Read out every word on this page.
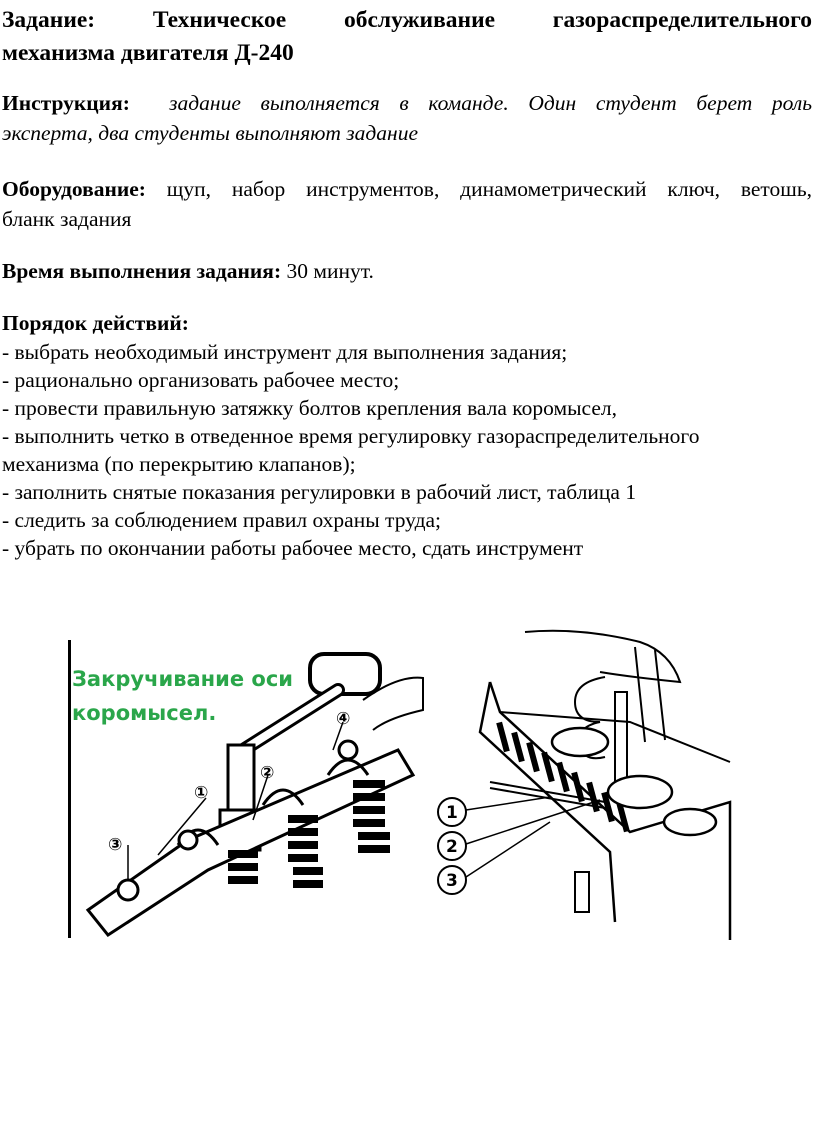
Задание: Техническое обслуживание газораспределительного
механизма двигателя Д-240
Инструкция: задание выполняется в команде. Один студент берет роль
эксперта, два студенты выполняют задание
Оборудование: щуп, набор инструментов, динамометрический ключ, ветошь,
бланк задания
Время выполнения задания: 30 минут.
Порядок действий:
- выбрать необходимый инструмент для выполнения задания;
- рационально организовать рабочее место;
- провести правильную затяжку болтов крепления вала коромысел,
- выполнить четко в отведенное время регулировку газораспределительного
механизма (по перекрытию клапанов);
- заполнить снятые показания регулировки в рабочий лист, таблица 1
- следить за соблюдением правил охраны труда;
- убрать по окончании работы рабочее место, сдать инструмент
Закручивание оси
коромысел.
①
②
③
④
1
2
3
